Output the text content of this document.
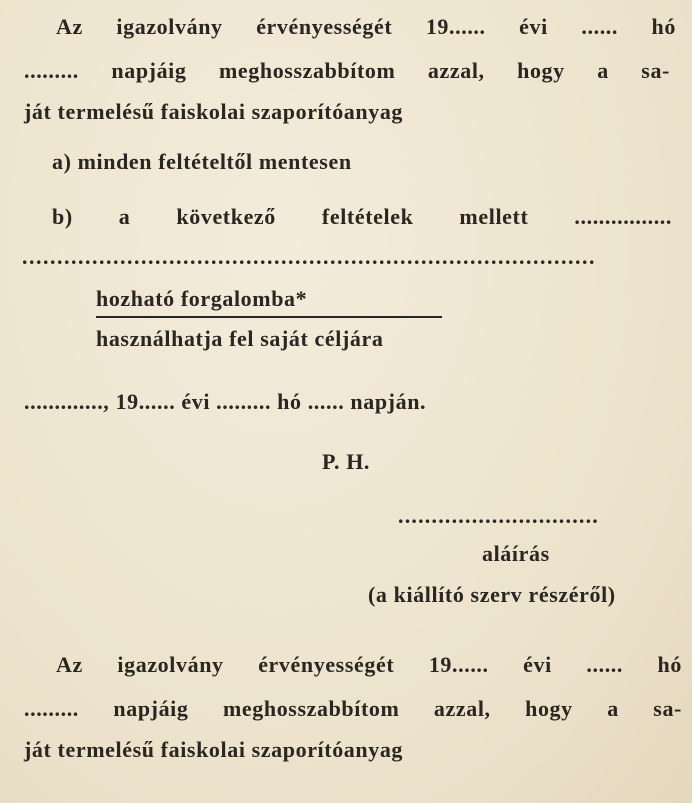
Az igazolvány érvényességét 19...... évi ...... hó
......... napjáig meghosszabbítom azzal, hogy a sa-
ját termelésű faiskolai szaporítóanyag
a) minden feltételtől mentesen
b) a következő feltételek mellett ................
..................................................................................
hozható forgalomba*
használhatja fel saját céljára
............., 19...... évi ......... hó ...... napján.
P. H.
..............................
aláírás
(a kiállító szerv részéről)
Az igazolvány érvényességét 19...... évi ...... hó
......... napjáig meghosszabbítom azzal, hogy a sa-
ját termelésű faiskolai szaporítóanyag
